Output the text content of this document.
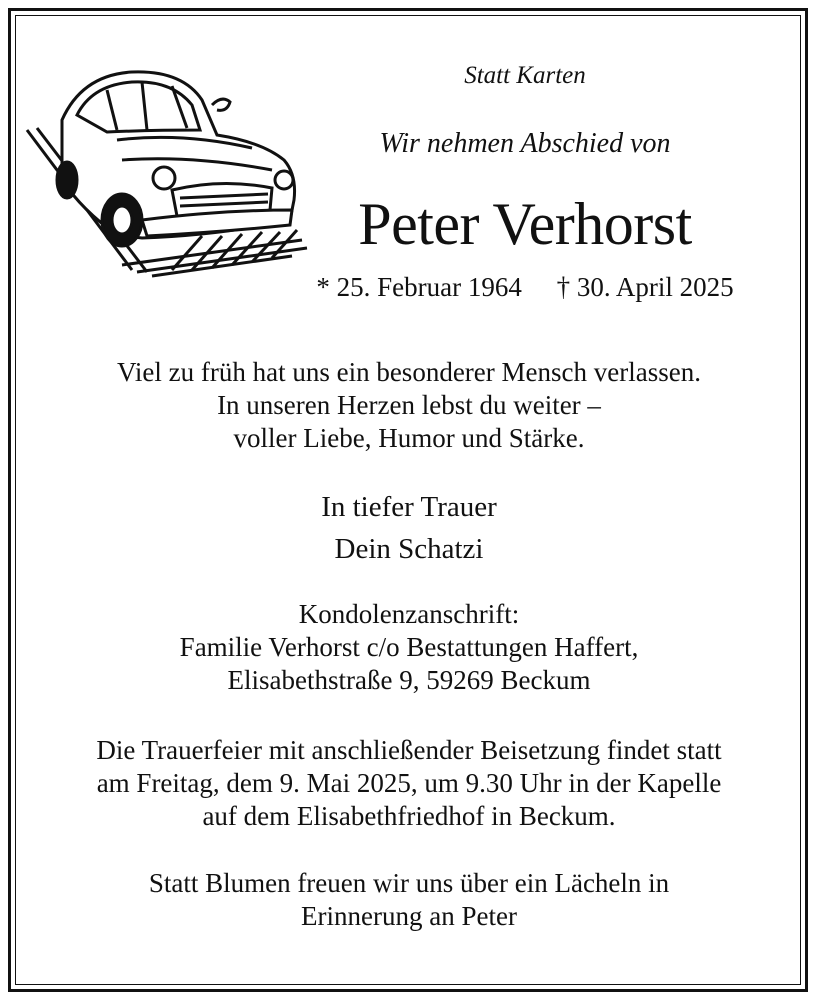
Statt Karten
Wir nehmen Abschied von
Peter Verhorst
* 25. Februar 1964 † 30. April 2025
Viel zu früh hat uns ein besonderer Mensch verlassen.
In unseren Herzen lebst du weiter –
voller Liebe, Humor und Stärke.
In tiefer Trauer
Dein Schatzi
Kondolenzanschrift:
Familie Verhorst c/o Bestattungen Haffert,
Elisabethstraße 9, 59269 Beckum
Die Trauerfeier mit anschließender Beisetzung findet statt
am Freitag, dem 9. Mai 2025, um 9.30 Uhr in der Kapelle
auf dem Elisabethfriedhof in Beckum.
Statt Blumen freuen wir uns über ein Lächeln in
Erinnerung an Peter
